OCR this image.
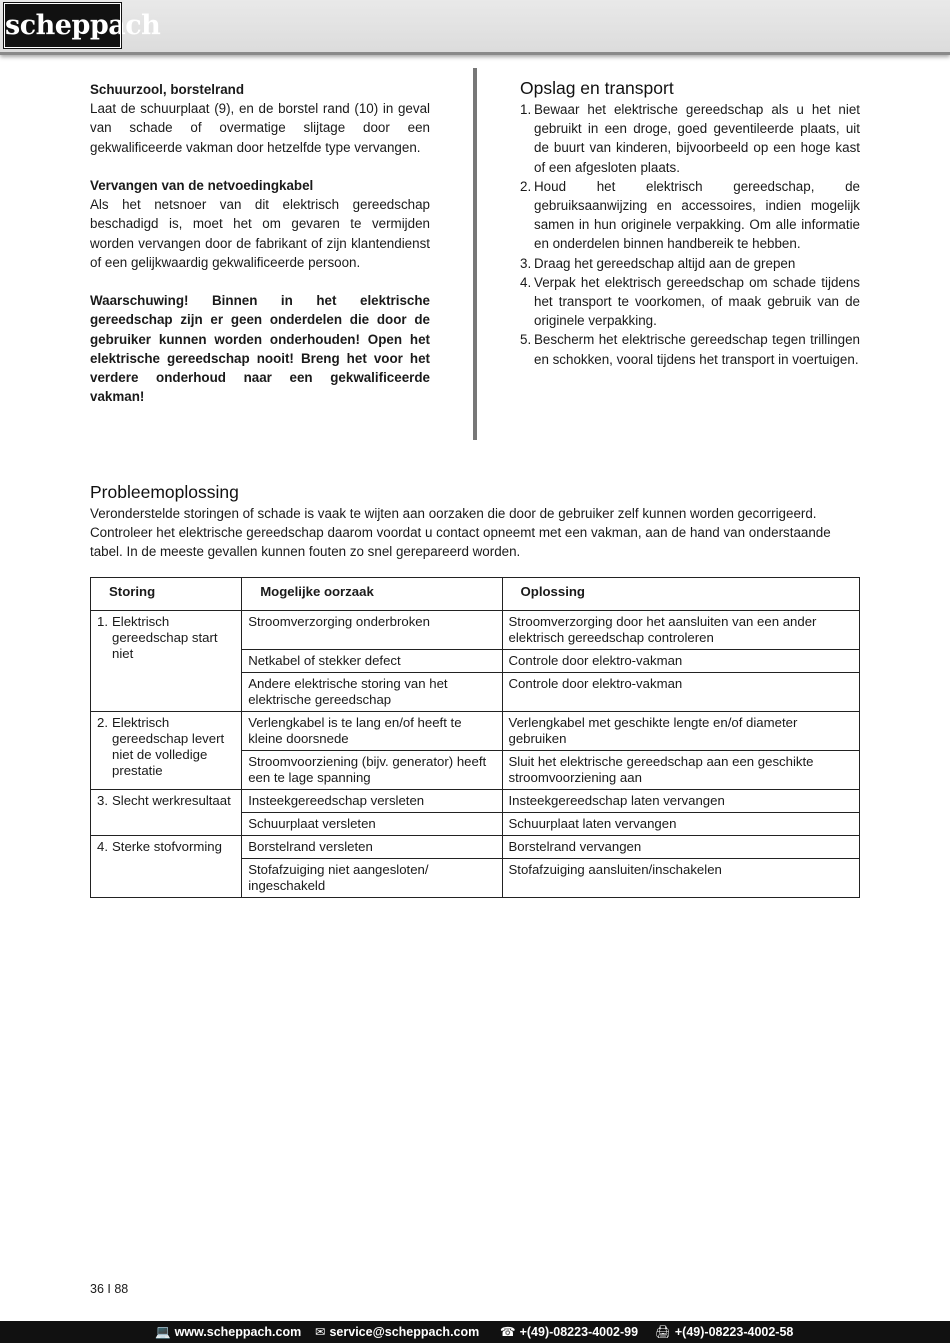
scheppach

Schuurzool, borstelrand

Laat de schuurplaat (9), en de borstel rand (10) in geval van schade of overmatige slijtage door een gekwalificeerde vakman door hetzelfde type vervangen.

Vervangen van de netvoedingkabel

Als het netsnoer van dit elektrisch gereedschap beschadigd is, moet het om gevaren te vermijden worden vervangen door de fabrikant of zijn klantendienst of een gelijkwaardig gekwalificeerde persoon.

Waarschuwing! Binnen in het elektrische gereedschap zijn er geen onderdelen die door de gebruiker kunnen worden onderhouden! Open het elektrische gereedschap nooit! Breng het voor het verdere onderhoud naar een gekwalificeerde vakman!

Opslag en transport
1. Bewaar het elektrische gereedschap als u het niet gebruikt in een droge, goed geventileerde plaats, uit de buurt van kinderen, bijvoorbeeld op een hoge kast of een afgesloten plaats.
2. Houd het elektrisch gereedschap, de gebruiksaanwijzing en accessoires, indien mogelijk samen in hun originele verpakking. Om alle informatie en onderdelen binnen handbereik te hebben.
3. Draag het gereedschap altijd aan de grepen
4. Verpak het elektrisch gereedschap om schade tijdens het transport te voorkomen, of maak gebruik van de originele verpakking.
5. Bescherm het elektrische gereedschap tegen trillingen en schokken, vooral tijdens het transport in voertuigen.
Probleemoplossing

Veronderstelde storingen of schade is vaak te wijten aan oorzaken die door de gebruiker zelf kunnen worden gecorrigeerd. Controleer het elektrische gereedschap daarom voordat u contact opneemt met een vakman, aan de hand van onderstaande tabel. In de meeste gevallen kunnen fouten zo snel gerepareerd worden.

Storing	Mogelijke oorzaak	Oplossing

1. Elektrisch gereedschap start niet	Stroomverzorging onderbroken	Stroomverzorging door het aansluiten van een ander elektrisch gereedschap controleren
	Netkabel of stekker defect	Controle door elektro-vakman
	Andere elektrische storing van het elektrische gereedschap	Controle door elektro-vakman

2. Elektrisch gereedschap levert niet de volledige prestatie	Verlengkabel is te lang en/of heeft te kleine doorsnede	Verlengkabel met geschikte lengte en/of diameter gebruiken
	Stroomvoorziening (bijv. generator) heeft een te lage spanning	Sluit het elektrische gereedschap aan een geschikte stroomvoorziening aan

3. Slecht werkresultaat	Insteekgereedschap versleten	Insteekgereedschap laten vervangen
	Schuurplaat versleten	Schuurplaat laten vervangen

4. Sterke stofvorming	Borstelrand versleten	Borstelrand vervangen
	Stofafzuiging niet aangesloten/ ingeschakeld	Stofafzuiging aansluiten/inschakelen
36 I 88
💻 www.scheppach.com ✉ service@scheppach.com ☎ +(49)-08223-4002-99 🖨 +(49)-08223-4002-58
